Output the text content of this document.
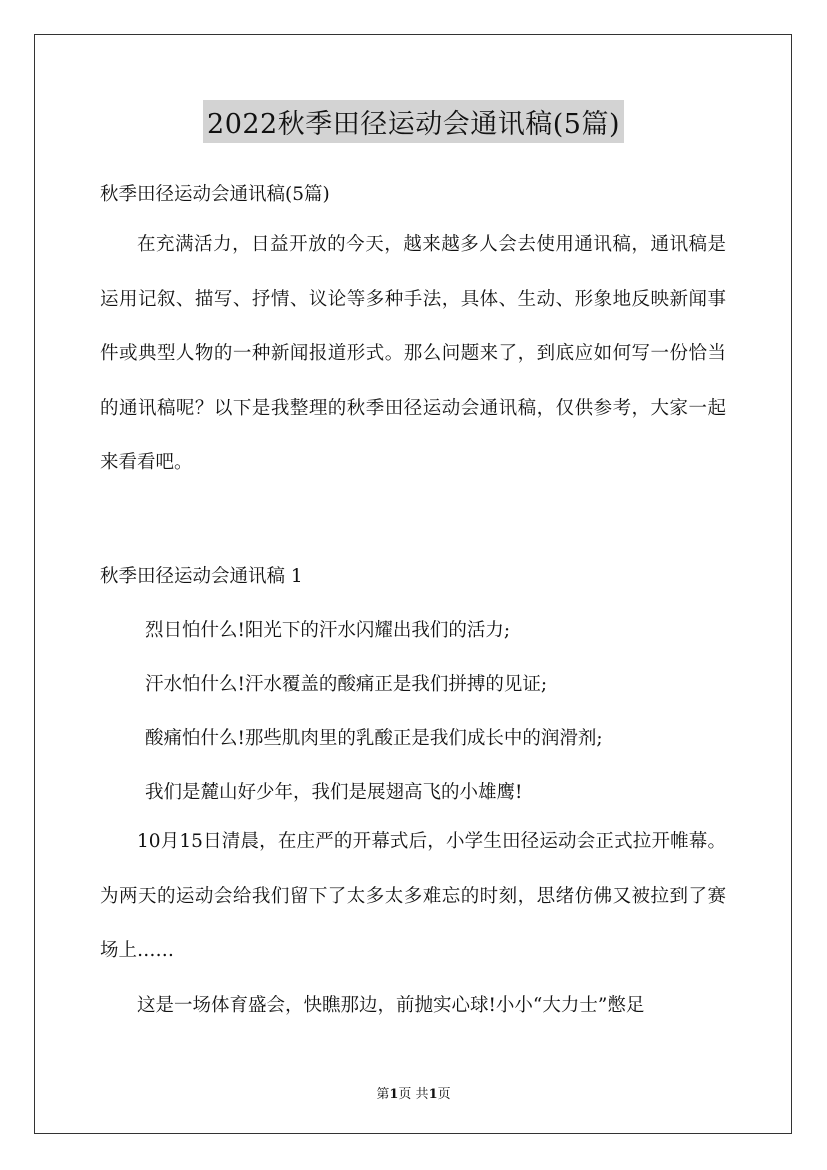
2022秋季田径运动会通讯稿(5篇)
秋季田径运动会通讯稿(5篇)

在充满活力，日益开放的今天，越来越多人会去使用通讯稿，通讯稿是运用记叙、描写、抒情、议论等多种手法，具体、生动、形象地反映新闻事件或典型人物的一种新闻报道形式。那么问题来了，到底应如何写一份恰当的通讯稿呢？以下是我整理的秋季田径运动会通讯稿，仅供参考，大家一起来看看吧。

秋季田径运动会通讯稿 1
烈日怕什么!阳光下的汗水闪耀出我们的活力;
汗水怕什么!汗水覆盖的酸痛正是我们拼搏的见证;
酸痛怕什么!那些肌肉里的乳酸正是我们成长中的润滑剂;
我们是麓山好少年，我们是展翅高飞的小雄鹰!

10月15日清晨，在庄严的开幕式后，小学生田径运动会正式拉开帷幕。为两天的运动会给我们留下了太多太多难忘的时刻，思绪仿佛又被拉到了赛场上……

这是一场体育盛会，快瞧那边，前抛实心球!小小“大力士”憋足

第1页 共1页
